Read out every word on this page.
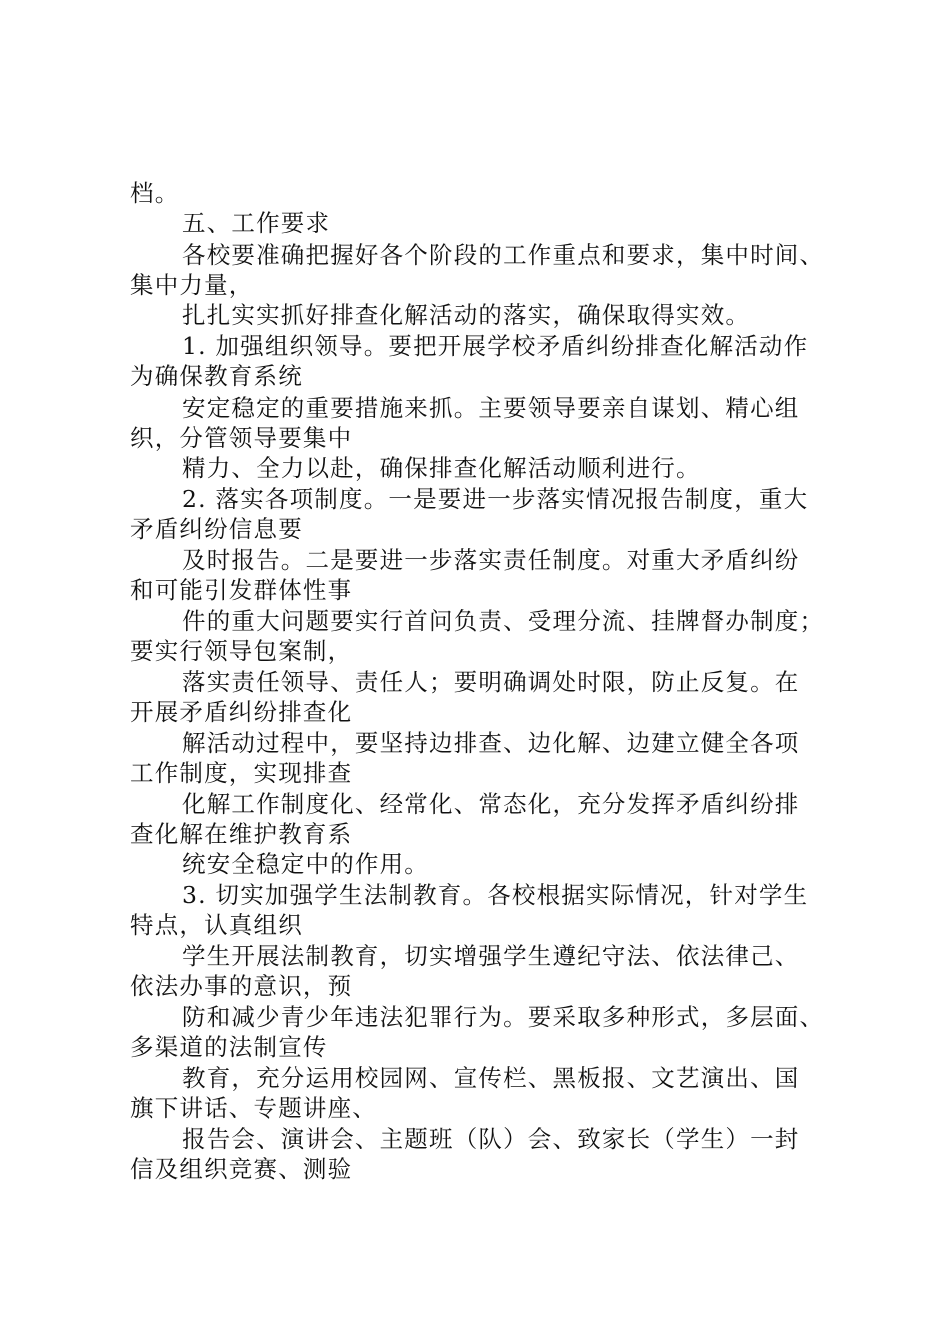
档。
五、工作要求
各校要准确把握好各个阶段的工作重点和要求，集中时间、
集中力量，
扎扎实实抓好排查化解活动的落实，确保取得实效。
1. 加强组织领导。要把开展学校矛盾纠纷排查化解活动作
为确保教育系统
安定稳定的重要措施来抓。主要领导要亲自谋划、精心组
织，分管领导要集中
精力、全力以赴，确保排查化解活动顺利进行。
2. 落实各项制度。一是要进一步落实情况报告制度，重大
矛盾纠纷信息要
及时报告。二是要进一步落实责任制度。对重大矛盾纠纷
和可能引发群体性事
件的重大问题要实行首问负责、受理分流、挂牌督办制度；
要实行领导包案制，
落实责任领导、责任人；要明确调处时限，防止反复。在
开展矛盾纠纷排查化
解活动过程中，要坚持边排查、边化解、边建立健全各项
工作制度，实现排查
化解工作制度化、经常化、常态化，充分发挥矛盾纠纷排
查化解在维护教育系
统安全稳定中的作用。
3. 切实加强学生法制教育。各校根据实际情况，针对学生
特点，认真组织
学生开展法制教育，切实增强学生遵纪守法、依法律己、
依法办事的意识，预
防和减少青少年违法犯罪行为。要采取多种形式，多层面、
多渠道的法制宣传
教育，充分运用校园网、宣传栏、黑板报、文艺演出、国
旗下讲话、专题讲座、
报告会、演讲会、主题班（队）会、致家长（学生）一封
信及组织竞赛、测验
